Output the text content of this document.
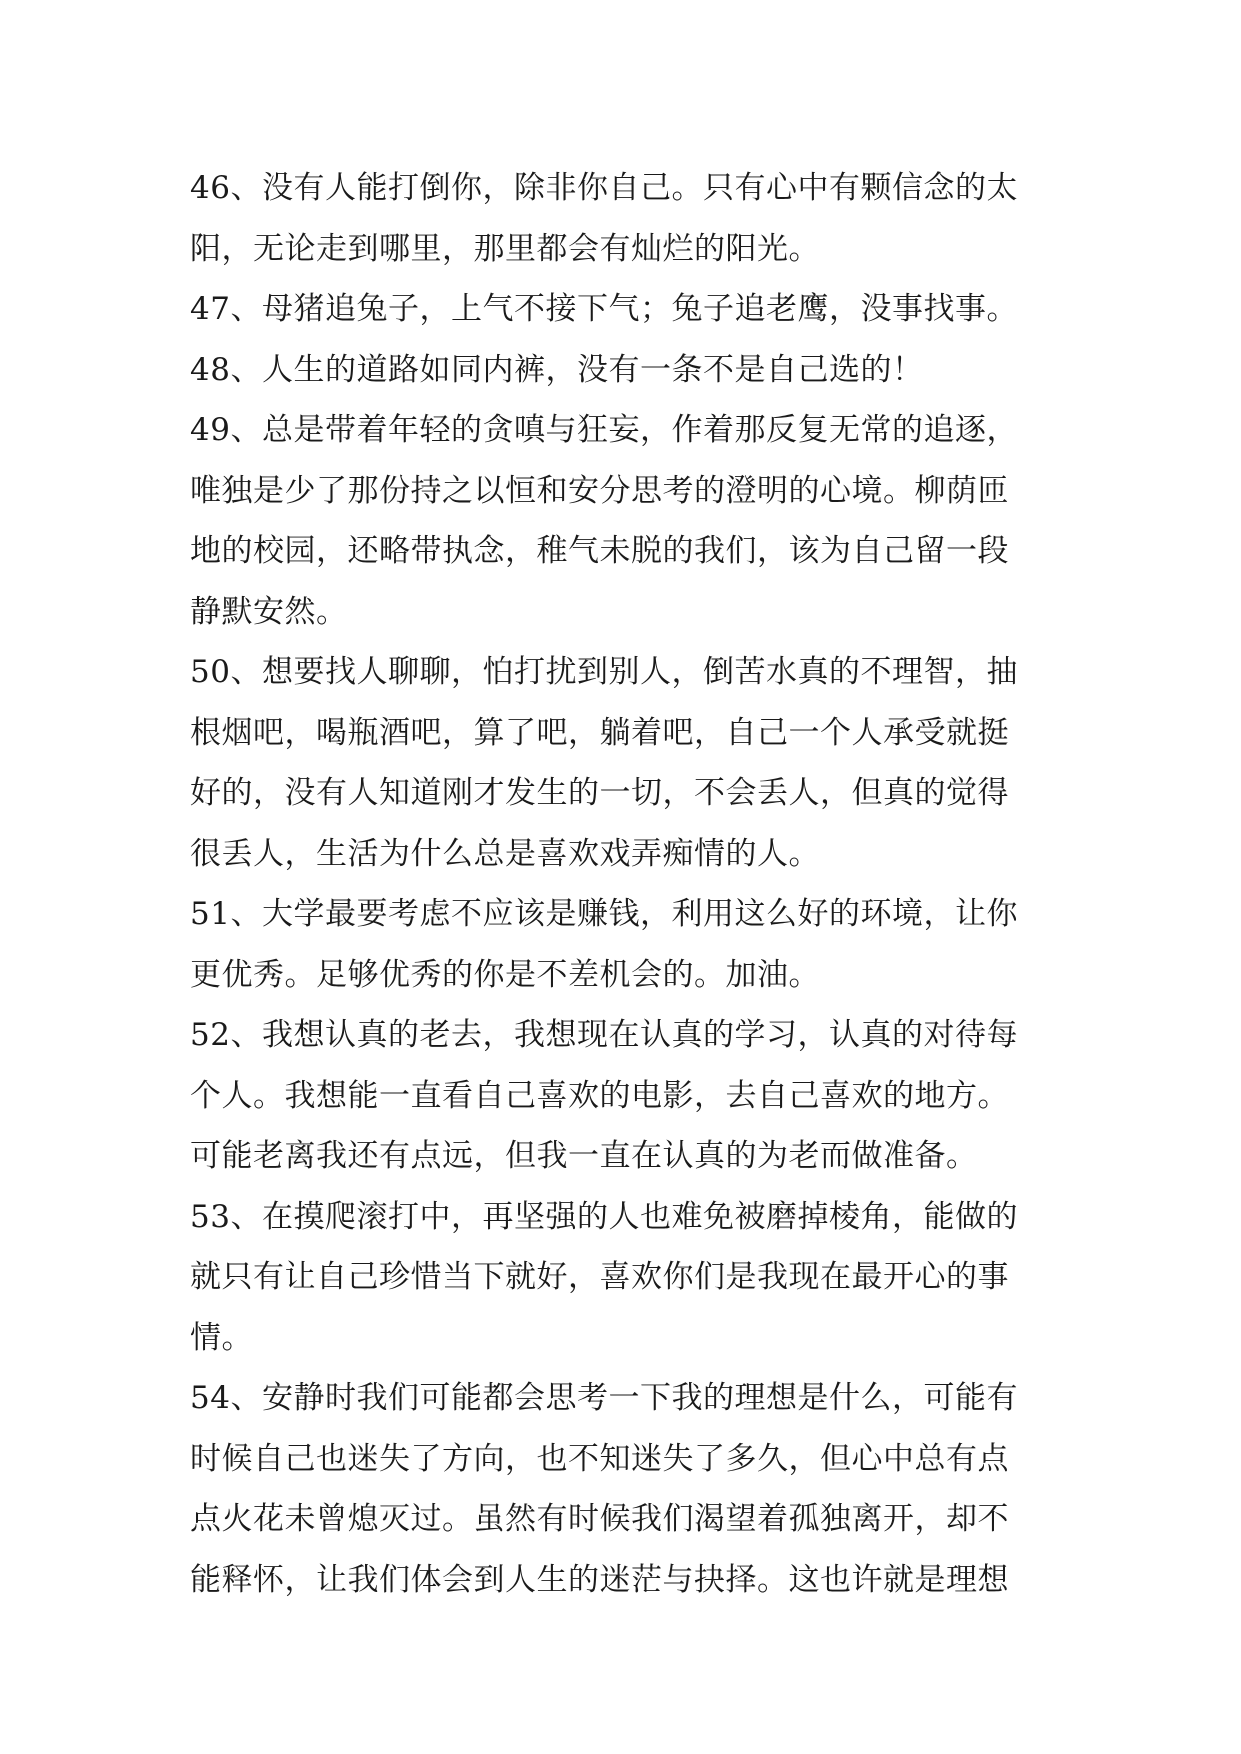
46、没有人能打倒你，除非你自己。只有心中有颗信念的太
阳，无论走到哪里，那里都会有灿烂的阳光。
47、母猪追兔子，上气不接下气；兔子追老鹰，没事找事。
48、人生的道路如同内裤，没有一条不是自己选的！
49、总是带着年轻的贪嗔与狂妄，作着那反复无常的追逐，
唯独是少了那份持之以恒和安分思考的澄明的心境。柳荫匝
地的校园，还略带执念，稚气未脱的我们，该为自己留一段
静默安然。
50、想要找人聊聊，怕打扰到别人，倒苦水真的不理智，抽
根烟吧，喝瓶酒吧，算了吧，躺着吧，自己一个人承受就挺
好的，没有人知道刚才发生的一切，不会丢人，但真的觉得
很丢人，生活为什么总是喜欢戏弄痴情的人。
51、大学最要考虑不应该是赚钱，利用这么好的环境，让你
更优秀。足够优秀的你是不差机会的。加油。
52、我想认真的老去，我想现在认真的学习，认真的对待每
个人。我想能一直看自己喜欢的电影，去自己喜欢的地方。
可能老离我还有点远，但我一直在认真的为老而做准备。
53、在摸爬滚打中，再坚强的人也难免被磨掉棱角，能做的
就只有让自己珍惜当下就好，喜欢你们是我现在最开心的事
情。
54、安静时我们可能都会思考一下我的理想是什么，可能有
时候自己也迷失了方向，也不知迷失了多久，但心中总有点
点火花未曾熄灭过。虽然有时候我们渴望着孤独离开，却不
能释怀，让我们体会到人生的迷茫与抉择。这也许就是理想
